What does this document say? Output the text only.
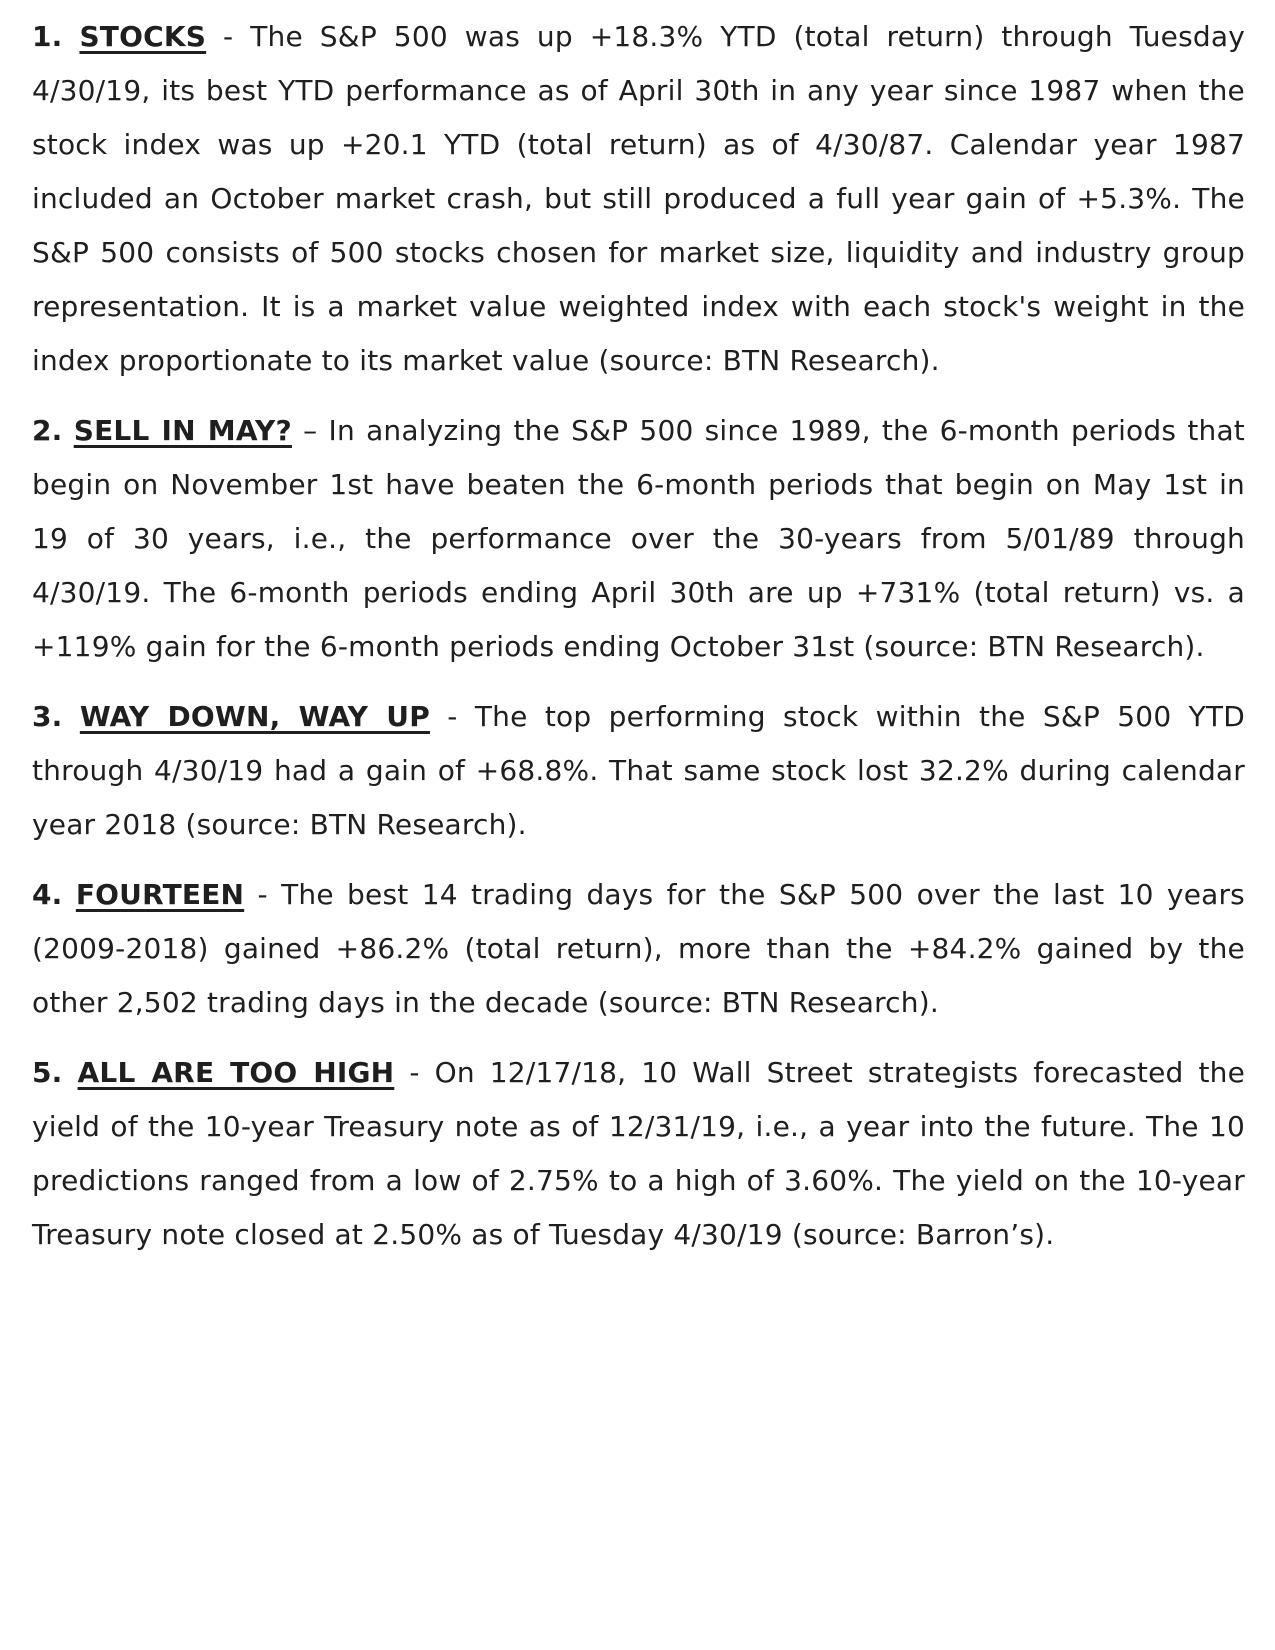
1. STOCKS - The S&P 500 was up +18.3% YTD (total return) through Tuesday 4/30/19, its best YTD performance as of April 30th in any year since 1987 when the stock index was up +20.1 YTD (total return) as of 4/30/87. Calendar year 1987 included an October market crash, but still produced a full year gain of +5.3%. The S&P 500 consists of 500 stocks chosen for market size, liquidity and industry group representation. It is a market value weighted index with each stock's weight in the index proportionate to its market value (source: BTN Research).

2. SELL IN MAY? – In analyzing the S&P 500 since 1989, the 6-month periods that begin on November 1st have beaten the 6-month periods that begin on May 1st in 19 of 30 years, i.e., the performance over the 30-years from 5/01/89 through 4/30/19. The 6-month periods ending April 30th are up +731% (total return) vs. a +119% gain for the 6-month periods ending October 31st (source: BTN Research).

3. WAY DOWN, WAY UP - The top performing stock within the S&P 500 YTD through 4/30/19 had a gain of +68.8%. That same stock lost 32.2% during calendar year 2018 (source: BTN Research).

4. FOURTEEN - The best 14 trading days for the S&P 500 over the last 10 years (2009-2018) gained +86.2% (total return), more than the +84.2% gained by the other 2,502 trading days in the decade (source: BTN Research).

5. ALL ARE TOO HIGH - On 12/17/18, 10 Wall Street strategists forecasted the yield of the 10-year Treasury note as of 12/31/19, i.e., a year into the future. The 10 predictions ranged from a low of 2.75% to a high of 3.60%. The yield on the 10-year Treasury note closed at 2.50% as of Tuesday 4/30/19 (source: Barron’s).
